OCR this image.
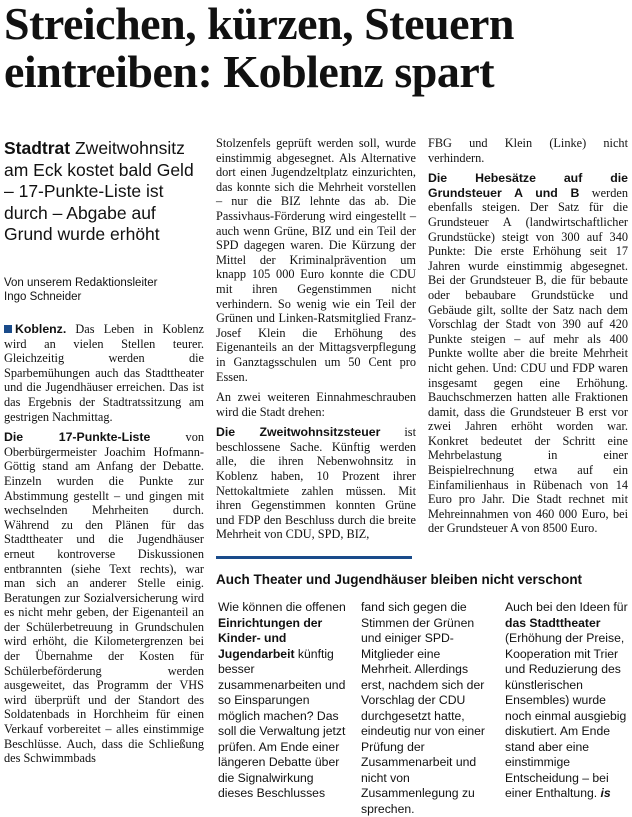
Streichen, kürzen, Steuern eintreiben: Koblenz spart
Stadtrat Zweitwohnsitz am Eck kostet bald Geld – 17-Punkte-Liste ist durch – Abgabe auf Grund wurde erhöht
Von unserem Redaktionsleiter
Ingo Schneider

Koblenz. Das Leben in Koblenz wird an vielen Stellen teurer. Gleichzeitig werden die Sparbemühungen auch das Stadttheater und die Jugendhäuser erreichen. Das ist das Ergebnis der Stadtratssitzung am gestrigen Nachmittag.

Die 17-Punkte-Liste von Oberbürgermeister Joachim Hofmann-Göttig stand am Anfang der Debatte. Einzeln wurden die Punkte zur Abstimmung gestellt – und gingen mit wechselnden Mehrheiten durch. Während zu den Plänen für das Stadttheater und die Jugendhäuser erneut kontroverse Diskussionen entbrannten (siehe Text rechts), war man sich an anderer Stelle einig. Beratungen zur Sozialversicherung wird es nicht mehr geben, der Eigenanteil an der Schülerbetreuung in Grundschulen wird erhöht, die Kilometergrenzen bei der Übernahme der Kosten für Schülerbeförderung werden ausgeweitet, das Programm der VHS wird überprüft und der Standort des Soldatenbads in Horchheim für einen Verkauf vorbereitet – alles einstimmige Beschlüsse. Auch, dass die Schließung des Schwimmbads

Stolzenfels geprüft werden soll, wurde einstimmig abgesegnet. Als Alternative dort einen Jugendzeltplatz einzurichten, das konnte sich die Mehrheit vorstellen – nur die BIZ lehnte das ab. Die Passivhaus-Förderung wird eingestellt – auch wenn Grüne, BIZ und ein Teil der SPD dagegen waren. Die Kürzung der Mittel der Kriminalprävention um knapp 105 000 Euro konnte die CDU mit ihren Gegenstimmen nicht verhindern. So wenig wie ein Teil der Grünen und Linken-Ratsmitglied Franz-Josef Klein die Erhöhung des Eigenanteils an der Mittagsverpflegung in Ganztagsschulen um 50 Cent pro Essen.

An zwei weiteren Einnahmeschrauben wird die Stadt drehen:

Die Zweitwohnsitzsteuer ist beschlossene Sache. Künftig werden alle, die ihren Nebenwohnsitz in Koblenz haben, 10 Prozent ihrer Nettokaltmiete zahlen müssen. Mit ihren Gegenstimmen konnten Grüne und FDP den Beschluss durch die breite Mehrheit von CDU, SPD, BIZ,

FBG und Klein (Linke) nicht verhindern.

Die Hebesätze auf die Grundsteuer A und B werden ebenfalls steigen. Der Satz für die Grundsteuer A (landwirtschaftlicher Grundstücke) steigt von 300 auf 340 Punkte: Die erste Erhöhung seit 17 Jahren wurde einstimmig abgesegnet. Bei der Grundsteuer B, die für bebaute oder bebaubare Grundstücke und Gebäude gilt, sollte der Satz nach dem Vorschlag der Stadt von 390 auf 420 Punkte steigen – auf mehr als 400 Punkte wollte aber die breite Mehrheit nicht gehen. Und: CDU und FDP waren insgesamt gegen eine Erhöhung. Bauchschmerzen hatten alle Fraktionen damit, dass die Grundsteuer B erst vor zwei Jahren erhöht worden war. Konkret bedeutet der Schritt eine Mehrbelastung in einer Beispielrechnung etwa auf ein Einfamilienhaus in Rübenach von 14 Euro pro Jahr. Die Stadt rechnet mit Mehreinnahmen von 460 000 Euro, bei der Grundsteuer A von 8500 Euro.

Auch Theater und Jugendhäuser bleiben nicht verschont
Wie können die offenen Einrichtungen der Kinder- und Jugendarbeit künftig besser zusammenarbeiten und so Einsparungen möglich machen? Das soll die Verwaltung jetzt prüfen. Am Ende einer längeren Debatte über die Signalwirkung dieses Beschlusses
fand sich gegen die Stimmen der Grünen und einiger SPD-Mitglieder eine Mehrheit. Allerdings erst, nachdem sich der Vorschlag der CDU durchgesetzt hatte, eindeutig nur von einer Prüfung der Zusammenarbeit und nicht von Zusammenlegung zu sprechen.
Auch bei den Ideen für das Stadttheater (Erhöhung der Preise, Kooperation mit Trier und Reduzierung des künstlerischen Ensembles) wurde noch einmal ausgiebig diskutiert. Am Ende stand aber eine einstimmige Entscheidung – bei einer Enthaltung. is
